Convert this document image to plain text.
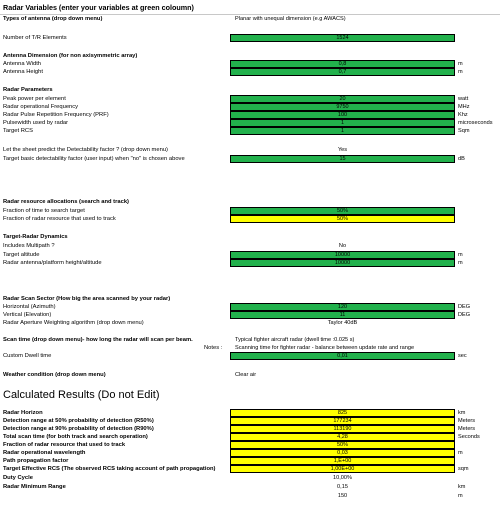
Radar Variables (enter your variables at green coloumn)
Types of antenna (drop down menu)	Planar with unequal dimension (e.g AWACS)
Number of T/R Elements	1524
Antenna Dimension (for non axisymmetric array)
Antenna Width	0,8	m
Antenna Height	0,7	m
Radar Parameters
Peak power per element	20	watt
Radar operational Frequency	9750	MHz
Radar Pulse Repetition Frequency (PRF)	100	Khz
Pulsewidth used by radar	1	microseconds
Target RCS	1	Sqm
Let the sheet predict the Detectability factor ? (drop down menu)	Yes
Target basic detectability factor (user input) when "no" is chosen above	15	dB
Radar resource allocations (search and track)
Fraction of time to search target	50%
Fraction of radar resource that used to track	50%
Target-Radar Dynamics
Includes Multipath ?	No
Target altitude	10000	m
Radar antenna/platform height/altitude	10000	m
Radar Scan Sector (How big the area scanned by your radar)
Horizontal (Azimuth)	120	DEG
Vertical (Elevation)	11	DEG
Radar Aperture Weighting algorithm (drop down menu)	Taylor 40dB
Scan time (drop down menu)- how long the radar will scan per beam.	Typical fighter aircraft radar (dwell time :0.025 s)
Notes : Scanning time for fighter radar - balance between update rate and range
Custom Dwell time	0,01	sec
Weather condition (drop down menu)	Clear air
Calculated Results (Do not Edit)
Radar Horizon	825	km
Detection range at 50% probability of detection (R50%)	177234	Meters
Detection range at 90% probability of detection (R90%)	113190	Meters
Total scan time (for both track and search operation)	4,28	Seconds
Fraction of radar resource that used to track	50%
Radar operational wavelength	0,03	m
Path propagation factor	1,E+00
Target Effective RCS (The observed RCS taking account of path propagation)	1,00E+00	sqm
Duty Cycle	10,00%
Radar Minimum Range	0,15	km
150	m
